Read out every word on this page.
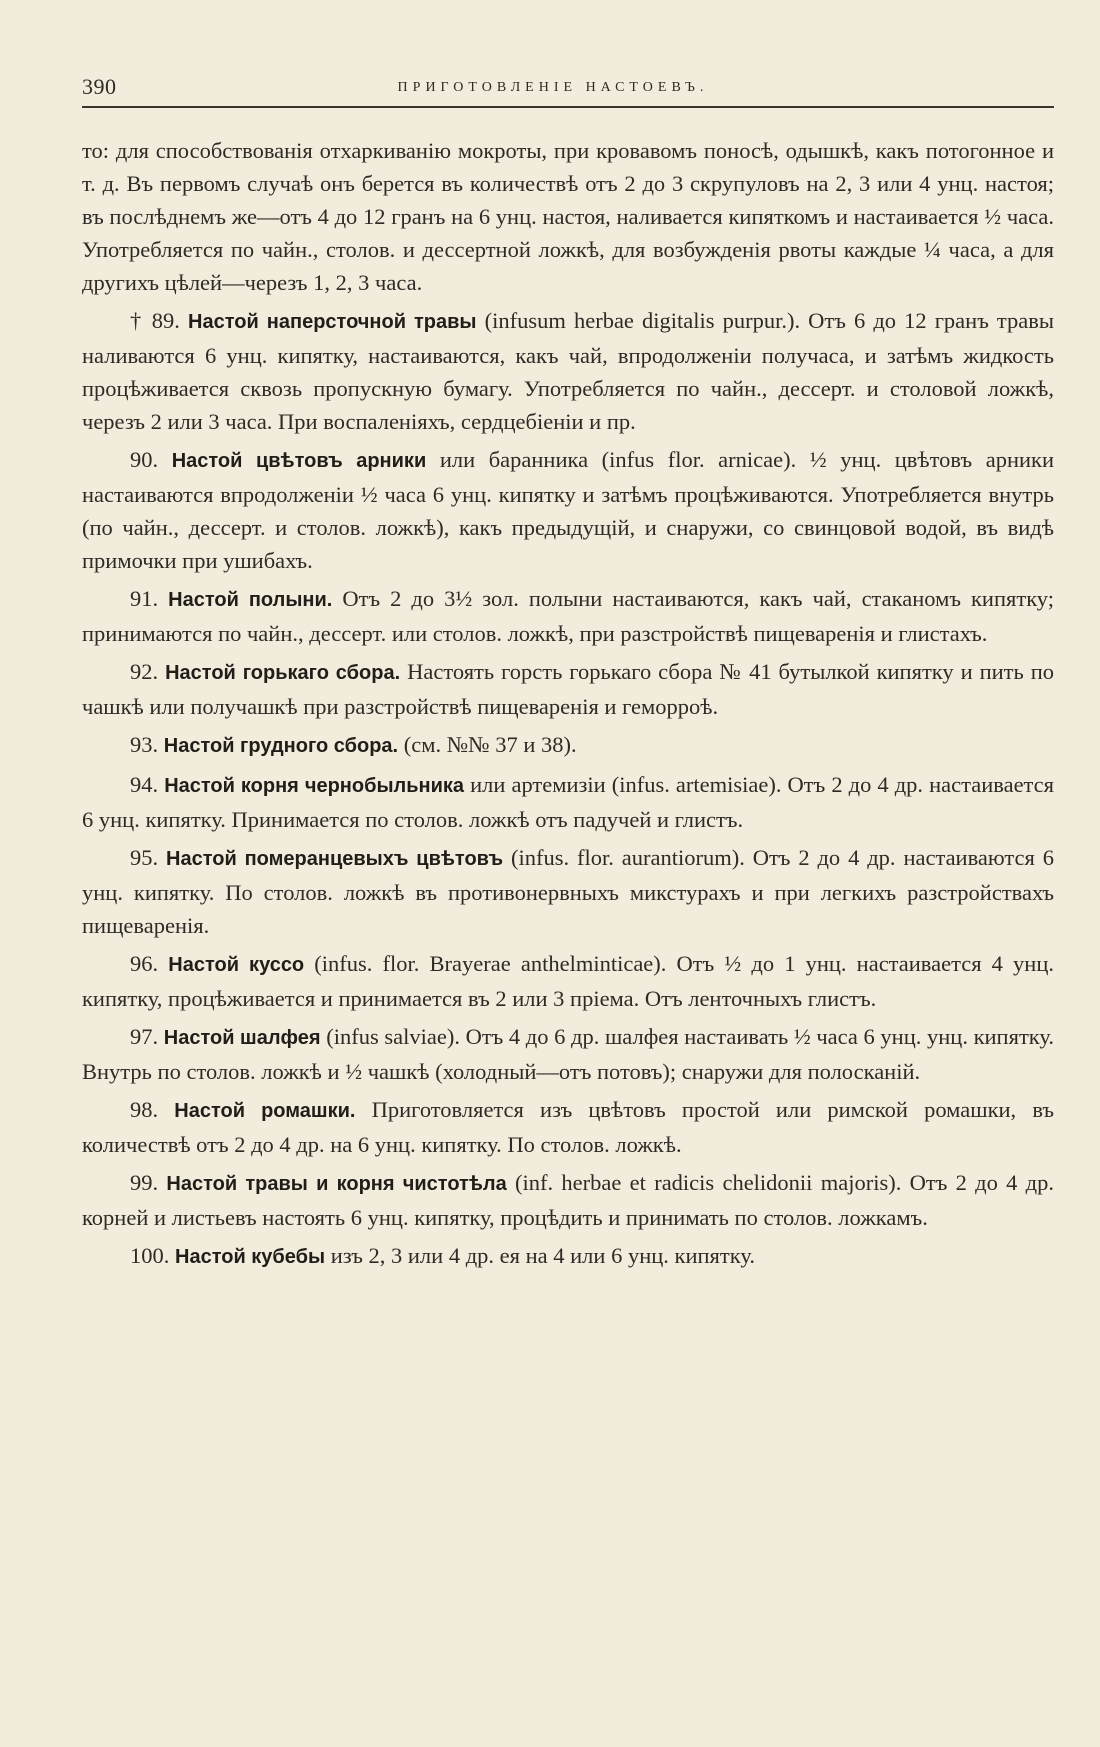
390	ПРИГОТОВЛЕНІЕ НАСТОЕВЪ.

то: для способствованія отхаркиванію мокроты, при кровавомъ поносѣ, одышкѣ, какъ потогонное и т. д. Въ первомъ случаѣ онъ берется въ количествѣ отъ 2 до 3 скрупуловъ на 2, 3 или 4 унц. настоя; въ послѣднемъ же—отъ 4 до 12 гранъ на 6 унц. настоя, наливается кипяткомъ и настаивается ½ часа. Употребляется по чайн., столов. и дессертной ложкѣ, для возбужденія рвоты каждые ¼ часа, а для другихъ цѣлей—черезъ 1, 2, 3 часа.

† 89. Настой наперсточной травы (infusum herbae digitalis purpur.). Отъ 6 до 12 гранъ травы наливаются 6 унц. кипятку, настаиваются, какъ чай, впродолженіи получаса, и затѣмъ жидкость процѣживается сквозь пропускную бумагу. Употребляется по чайн., дессерт. и столовой ложкѣ, черезъ 2 или 3 часа. При воспаленіяхъ, сердцебіеніи и пр.

90. Настой цвѣтовъ арники или баранника (infus flor. arnicae). ½ унц. цвѣтовъ арники настаиваются впродолженіи ½ часа 6 унц. кипятку и затѣмъ процѣживаются. Употребляется внутрь (по чайн., дессерт. и столов. ложкѣ), какъ предыдущій, и снаружи, со свинцовой водой, въ видѣ примочки при ушибахъ.

91. Настой полыни. Отъ 2 до 3½ зол. полыни настаиваются, какъ чай, стаканомъ кипятку; принимаются по чайн., дессерт. или столов. ложкѣ, при разстройствѣ пищеваренія и глистахъ.

92. Настой горькаго сбора. Настоять горсть горькаго сбора № 41 бутылкой кипятку и пить по чашкѣ или получашкѣ при разстройствѣ пищеваренія и геморроѣ.

93. Настой грудного сбора. (см. №№ 37 и 38).

94. Настой корня чернобыльника или артемизіи (infus. artemisiae). Отъ 2 до 4 др. настаивается 6 унц. кипятку. Принимается по столов. ложкѣ отъ падучей и глистъ.

95. Настой померанцевыхъ цвѣтовъ (infus. flor. aurantiorum). Отъ 2 до 4 др. настаиваются 6 унц. кипятку. По столов. ложкѣ въ противонервныхъ микстурахъ и при легкихъ разстройствахъ пищеваренія.

96. Настой куссо (infus. flor. Brayerae anthelminticae). Отъ ½ до 1 унц. настаивается 4 унц. кипятку, процѣживается и принимается въ 2 или 3 пріема. Отъ ленточныхъ глистъ.

97. Настой шалфея (infus salviae). Отъ 4 до 6 др. шалфея настаивать ½ часа 6 унц. унц. кипятку. Внутрь по столов. ложкѣ и ½ чашкѣ (холодный—отъ потовъ); снаружи для полосканій.

98. Настой ромашки. Приготовляется изъ цвѣтовъ простой или римской ромашки, въ количествѣ отъ 2 до 4 др. на 6 унц. кипятку. По столов. ложкѣ.

99. Настой травы и корня чистотѣла (inf. herbae et radicis chelidonii majoris). Отъ 2 до 4 др. корней и листьевъ настоять 6 унц. кипятку, процѣдить и принимать по столов. ложкамъ.

100. Настой кубебы изъ 2, 3 или 4 др. ея на 4 или 6 унц. кипятку.
